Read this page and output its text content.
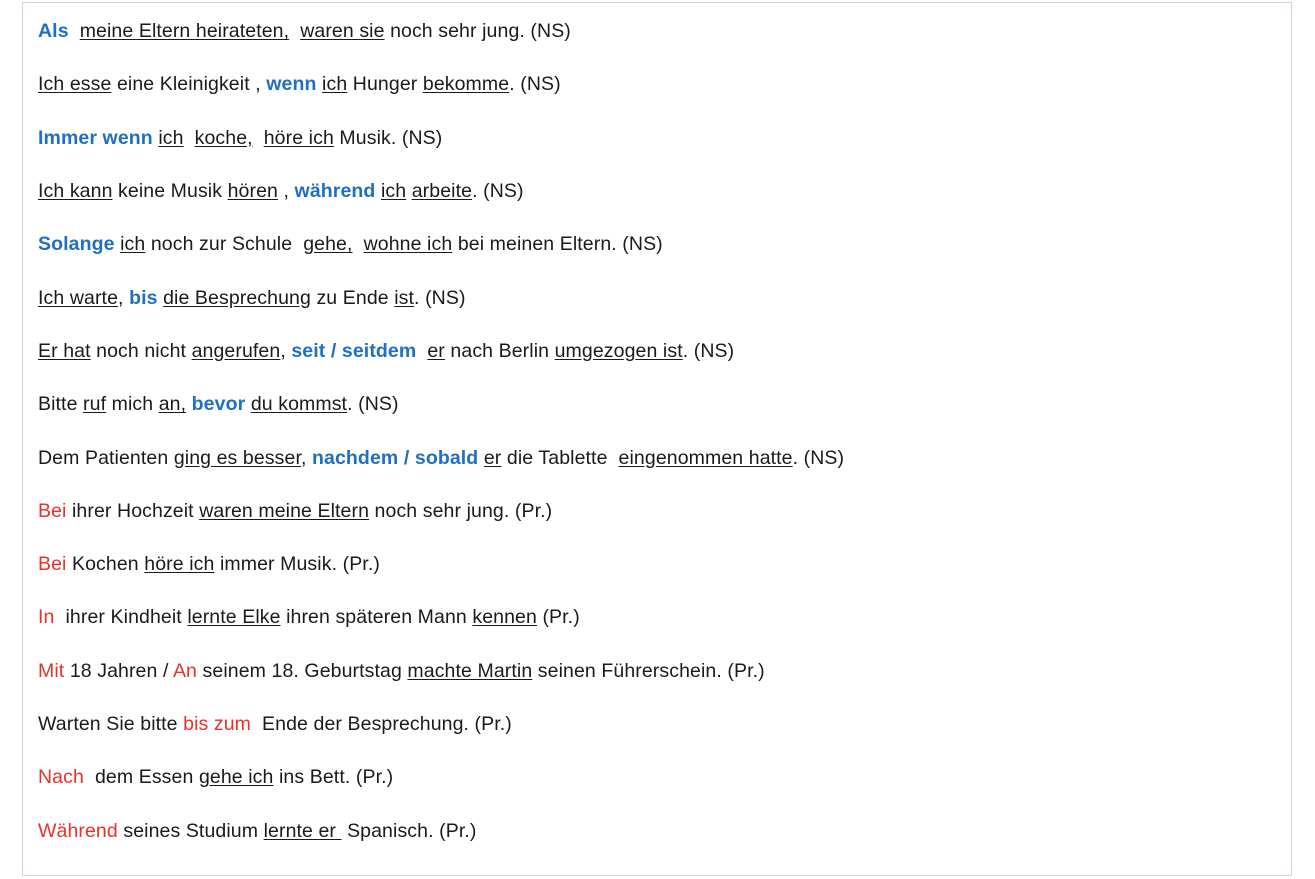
Als meine Eltern heirateten, waren sie noch sehr jung. (NS)
Ich esse eine Kleinigkeit , wenn ich Hunger bekomme. (NS)
Immer wenn ich koche, höre ich Musik. (NS)
Ich kann keine Musik hören , während ich arbeite. (NS)
Solange ich noch zur Schule  gehe, wohne ich bei meinen Eltern. (NS)
Ich warte, bis die Besprechung zu Ende ist. (NS)
Er hat noch nicht angerufen, seit / seitdem er nach Berlin umgezogen ist. (NS)
Bitte ruf mich an, bevor du kommst. (NS)
Dem Patienten ging es besser, nachdem / sobald er die Tablette  eingenommen hatte. (NS)
Bei ihrer Hochzeit waren meine Eltern noch sehr jung. (Pr.)
Bei Kochen höre ich immer Musik. (Pr.)
In  ihrer Kindheit lernte Elke ihren späteren Mann kennen (Pr.)
Mit 18 Jahren / An seinem 18. Geburtstag machte Martin seinen Führerschein. (Pr.)
Warten Sie bitte bis zum  Ende der Besprechung. (Pr.)
Nach  dem Essen gehe ich ins Bett. (Pr.)
Während seines Studium lernte er  Spanisch. (Pr.)
